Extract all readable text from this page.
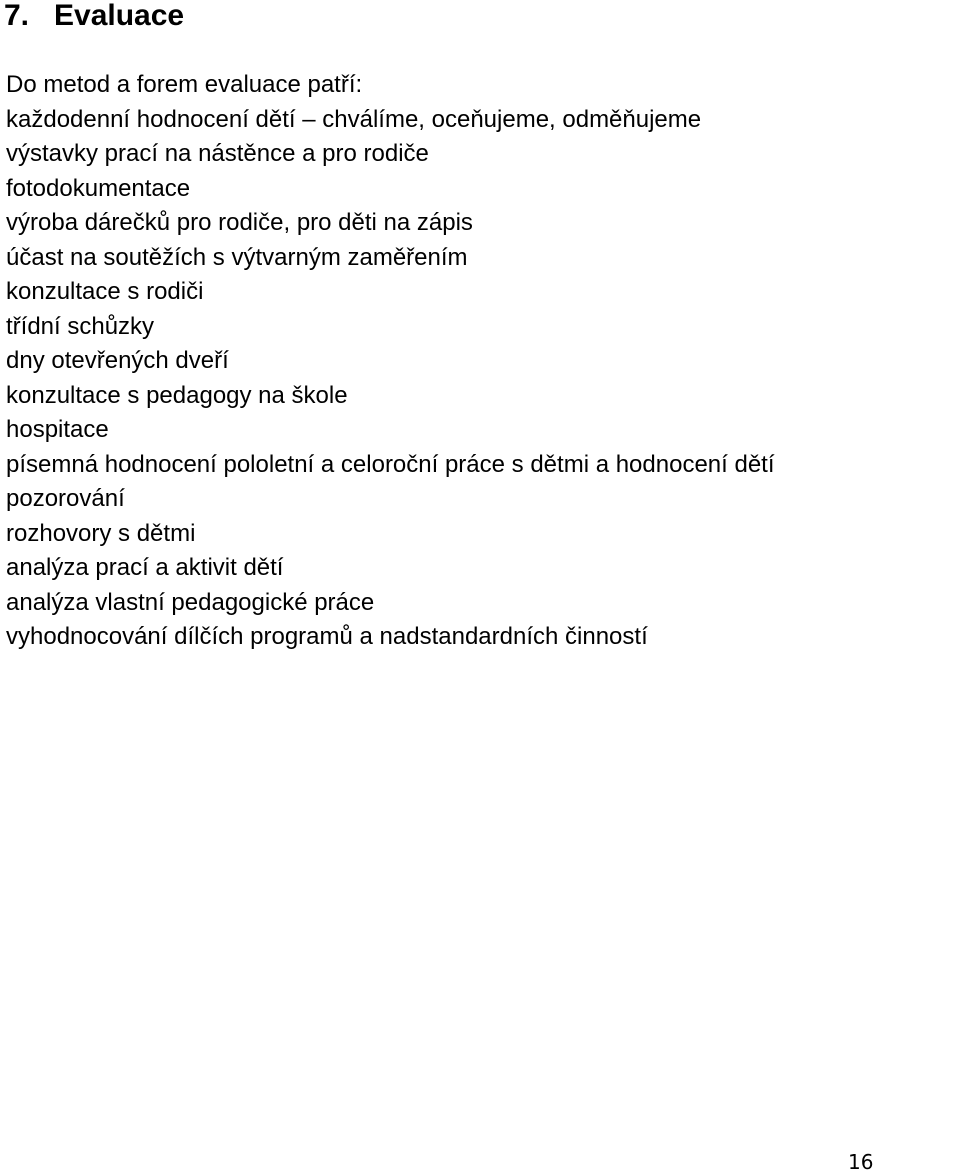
7. Evaluace

Do metod a forem evaluace patří:

každodenní hodnocení dětí – chválíme, oceňujeme, odměňujeme
výstavky prací na nástěnce a pro rodiče
fotodokumentace
výroba dárečků pro rodiče, pro děti na zápis
účast na soutěžích s výtvarným zaměřením
konzultace s rodiči
třídní schůzky
dny otevřených dveří
konzultace s pedagogy na škole
hospitace
písemná hodnocení pololetní a celoroční práce s dětmi a hodnocení dětí
pozorování
rozhovory s dětmi
analýza prací a aktivit dětí
analýza vlastní pedagogické práce
vyhodnocování dílčích programů a nadstandardních činností
16
